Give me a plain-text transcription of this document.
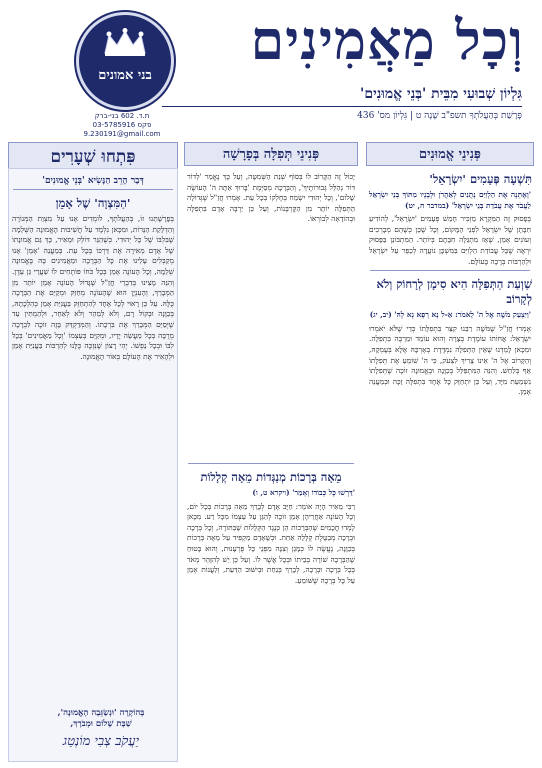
וְכָל מַאֲמִינִים
גִּלְיוֹן שְׁבוּעִי מִבֵּית 'בְּנֵי אֱמוּנִים'
פָּרָשַׁת בְּהַעֲלֹתְךָ תשפ"ב שָׁנָה ט | גִּלְיוֹן מס' 436
בני אמונים
ת.ד. 602 בני-ברק
פקס 03-5785916
9.230191@gmail.com
פִּתְחוּ שְׁעָרִים
דְּבַר הָרֵב הַנָּשִׂיא 'בְּנֵי אֱמוּנִים'
'הַמִּצְוָה' שֶׁל אָמֵן
בְּפָרָשָׁתֵנוּ זוֹ, בְּהַעֲלֹתְךָ, לוֹמְדִים אָנוּ עַל מִצְוַת הַמְּנוֹרָה וְהַדְלָקַת הַנֵּרוֹת, וּמִכָּאן נִלְמָד עַל חֲשִׁיבוּת הָאֱמוּנָה הַשְּׁלֵמָה שֶׁבִּלְבּוֹ שֶׁל כָּל יְהוּדִי. כְּשֶׁהַנֵּר דּוֹלֵק וּמֵאִיר, כָּךְ גַּם אֱמוּנָתוֹ שֶׁל אָדָם מְאִירָה אֶת דַּרְכּוֹ בְּכָל עֵת. בְּמַעֲנֵה 'אָמֵן' אָנוּ מְקַבְּלִים עָלֵינוּ אֶת כָּל הַבְּרָכָה וּמַאֲמִינִים בָּהּ בֶּאֱמוּנָה שְׁלֵמָה, וְכָל הָעוֹנֶה אָמֵן בְּכָל כֹּחוֹ פּוֹתְחִים לוֹ שַׁעֲרֵי גַּן עֵדֶן. וְהִנֵּה מָצִינוּ בְּדִבְרֵי חֲזַ"ל שֶׁגָּדוֹל הָעוֹנֶה אָמֵן יוֹתֵר מִן הַמְּבָרֵךְ, וְהָעִנְיָן הוּא שֶׁהָעוֹנֶה מְחַזֵּק וּמְקַיֵּם אֶת הַבְּרָכָה כֻּלָּהּ. עַל כֵּן רָאוּי לְכָל אֶחָד לְהִתְחַזֵּק בַּעֲנִיַּת אָמֵן כְּהִלְכָתָהּ, בְּכַוָּנָה וּבְקוֹל רָם, וְלֹא לְמַהֵר וְלֹא לְאַחֵר, וּלְהַמְתִּין עַד שֶׁיְּסַיֵּם הַמְּבָרֵךְ אֶת בִּרְכָתוֹ. וְהַמְּדַקְדֵּק בָּזֶה זוֹכֶה לִבְרָכָה מְרֻבָּה בְּכָל מַעֲשֵׂה יָדָיו, וּמְקַיֵּם בְּעַצְמוֹ 'וְכָל מַאֲמִינִים' בְּכָל לִבּוֹ וּבְכָל נַפְשׁוֹ. יְהִי רָצוֹן שֶׁנִּזְכֶּה כֻּלָּנוּ לְהַרְבּוֹת בַּעֲנִיַּת אָמֵן וּלְהָאִיר אֶת הָעוֹלָם בְּאוֹר הָאֱמוּנָה.
בְּהוֹקָרָה 'וּנְשַׂגֵּבָה הָאֱמוּנָה',
שַׁבָּת שָׁלוֹם וּמְבֹרָךְ,
יַעֲקֹב צְבִי מוֹנְטַג
פְּנִינֵי תְּפִלָּה בְּפָרָשָׁה
יָכוֹל זֶה הַקָּרוֹב לוֹ בְּסוֹף שְׁנַת הַשְּׁמִטָּה, וְעַל כָּךְ נֶאֱמַר 'לְדוֹר דּוֹר נְהַלֵּל גְּבוּרוֹתֶיךָ', וְהַבְּרָכָה מְסַיְּמֶת 'בָּרוּךְ אַתָּה ה' הָעוֹשֶׂה שָׁלוֹם', וְכָל יְהוּדִי יִשְׂמַח בְּחֶלְקוֹ בְּכָל עֵת. אָמְרוּ חֲזַ"ל שֶׁגְּדוֹלָה הַתְּפִלָּה יוֹתֵר מִן הַקָּרְבָּנוֹת, וְעַל כֵּן יַרְבֶּה אָדָם בִּתְפִלָּה וּבְהוֹדָאָה לְבוֹרְאוֹ.
מֵאָה בְּרָכוֹת מְנַגְּדוֹת מֵאָה קְלָלוֹת
'דַּרְשׁוּ כָּל כְּבוֹדוֹ וְאָמַר' (ויקרא ט, ו)
רַבִּי מֵאִיר הָיָה אוֹמֵר: חַיָּב אָדָם לְבָרֵךְ מֵאָה בְּרָכוֹת בְּכָל יוֹם, וְכָל הָעוֹנֶה אַחֲרֵיהֶן אָמֵן זוֹכֶה לְהַגֵּן עַל עַצְמוֹ מִכָּל רַע. מִכָּאן לָמְדוּ חֲכָמִים שֶׁהַבְּרָכוֹת הֵן כְּנֶגֶד הַקְּלָלוֹת שֶׁבַּתּוֹרָה, וְכָל בְּרָכָה וּבְרָכָה מְבַטֶּלֶת קְלָלָה אַחַת. וּכְשֶׁאָדָם מַקְפִּיד עַל מֵאָה בְּרָכוֹת בְּכַוָּנָה, נֶעֱשֶׂה לוֹ כְּמָגֵן וְצִנָּה מִפְּנֵי כָּל פֻּרְעָנוּת, וְהוּא בָּטוּחַ שֶׁהַבְּרָכָה שׁוֹרָה בְּבֵיתוֹ וּבְכָל אֲשֶׁר לוֹ. וְעַל כֵּן יֵשׁ לְהִזָּהֵר מְאֹד בְּכָל בְּרָכָה וּבְרָכָה, לְבָרֵךְ בְּנַחַת וּבְיִשּׁוּב הַדַּעַת, וְלַעֲנוֹת אָמֵן עַל כָּל בְּרָכָה שֶׁשּׁוֹמֵעַ.
פְּנִינֵי אֱמוּנִים
תִּשְׁעָה פְּעָמִים 'יִשְׂרָאֵל'
'וָאֶתְּנָה אֶת הַלְוִיִּם נְתֻנִים לְאַהֲרֹן וּלְבָנָיו מִתּוֹךְ בְּנֵי יִשְׂרָאֵל לַעֲבֹד אֶת עֲבֹדַת בְּנֵי יִשְׂרָאֵל' (במדבר ח, יט)
בְּפָסוּק זֶה הַמִּקְרָא מַזְכִּיר חָמֵשׁ פְּעָמִים 'יִשְׂרָאֵל', לְהוֹדִיעַ חִבָּתָן שֶׁל יִשְׂרָאֵל לִפְנֵי הַמָּקוֹם, וְכָל שֶׁכֵּן כְּשֶׁהֵם מְבָרְכִים וְעוֹנִים אָמֵן, שֶׁאָז מִתְגַּלָּה חִבָּתָם בְּיוֹתֵר. הַמִּתְבּוֹנֵן בַּפָּסוּק יִרְאֶה שֶׁכָּל עֲבוֹדַת הַלְוִיִּם בַּמִּשְׁכָּן נוֹעֲדָה לְכַפֵּר עַל יִשְׂרָאֵל וּלְהַרְבּוֹת בְּרָכָה בָּעוֹלָם.
שַׁוְעַת הַתְּפִלָּה הִיא סִימָן לְרָחוֹק וְלֹא לְקָרוֹב
'וַיִּצְעַק מֹשֶׁה אֶל ה' לֵאמֹר: אֵ-ל נָא רְפָא נָא לָהּ' (יב, יג)
אָמְרוּ חֲזַ"ל שֶׁמֹּשֶׁה רַבֵּנוּ קִצֵּר בִּתְפִלָּתוֹ כְּדֵי שֶׁלֹּא יֹאמְרוּ יִשְׂרָאֵל: אֲחוֹתוֹ עוֹמֶדֶת בְּצָרָה וְהוּא עוֹמֵד וּמַרְבֶּה בִּתְפִלָּה. וּמִכָּאן לָמַדְנוּ שֶׁאֵין הַתְּפִלָּה נִמְדֶּדֶת בְּאָרְכָּהּ אֶלָּא בְּעָמְקָהּ, וְהַקָּרוֹב אֶל ה' אֵינוֹ צָרִיךְ לִצְעֹק, כִּי ה' שׁוֹמֵעַ אֶת תְּפִלָּתוֹ אַף בְּלַחַשׁ. וְהִנֵּה הַמִּתְפַּלֵּל בְּכַוָּנָה וּבְאֱמוּנָה זוֹכֶה שֶׁתְּפִלָּתוֹ נִשְׁמַעַת מִיָּד, וְעַל כֵּן יִתְחַזֵּק כָּל אֶחָד בִּתְפִלָּה זַכָּה וּבְמַעֲנֵה אָמֵן.
